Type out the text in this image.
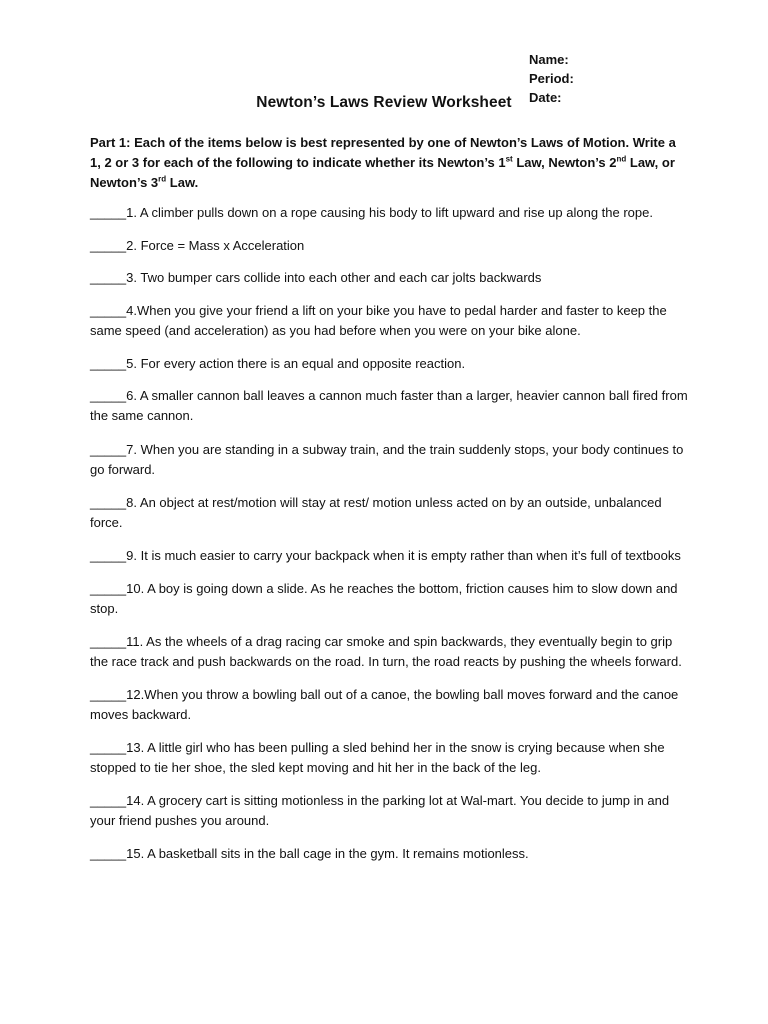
Name:
Period:
Date:
Newton’s Laws Review Worksheet
Part 1: Each of the items below is best represented by one of Newton’s Laws of Motion. Write a 1, 2 or 3 for each of the following to indicate whether its Newton’s 1st Law, Newton’s 2nd Law, or Newton’s 3rd Law.
_____1. A climber pulls down on a rope causing his body to lift upward and rise up along the rope.
_____2. Force = Mass x Acceleration
_____3. Two bumper cars collide into each other and each car jolts backwards
_____4.When you give your friend a lift on your bike you have to pedal harder and faster to keep the same speed (and acceleration) as you had before when you were on your bike alone.
_____5. For every action there is an equal and opposite reaction.
_____6. A smaller cannon ball leaves a cannon much faster than a larger, heavier cannon ball fired from the same cannon.
_____7. When you are standing in a subway train, and the train suddenly stops, your body continues to go forward.
_____8. An object at rest/motion will stay at rest/ motion unless acted on by an outside, unbalanced force.
_____9. It is much easier to carry your backpack when it is empty rather than when it’s full of textbooks
_____10. A boy is going down a slide. As he reaches the bottom, friction causes him to slow down and stop.
_____11. As the wheels of a drag racing car smoke and spin backwards, they eventually begin to grip the race track and push backwards on the road. In turn, the road reacts by pushing the wheels forward.
_____12.When you throw a bowling ball out of a canoe, the bowling ball moves forward and the canoe moves backward.
_____13. A little girl who has been pulling a sled behind her in the snow is crying because when she stopped to tie her shoe, the sled kept moving and hit her in the back of the leg.
_____14. A grocery cart is sitting motionless in the parking lot at Wal-mart. You decide to jump in and your friend pushes you around.
_____15. A basketball sits in the ball cage in the gym. It remains motionless.
